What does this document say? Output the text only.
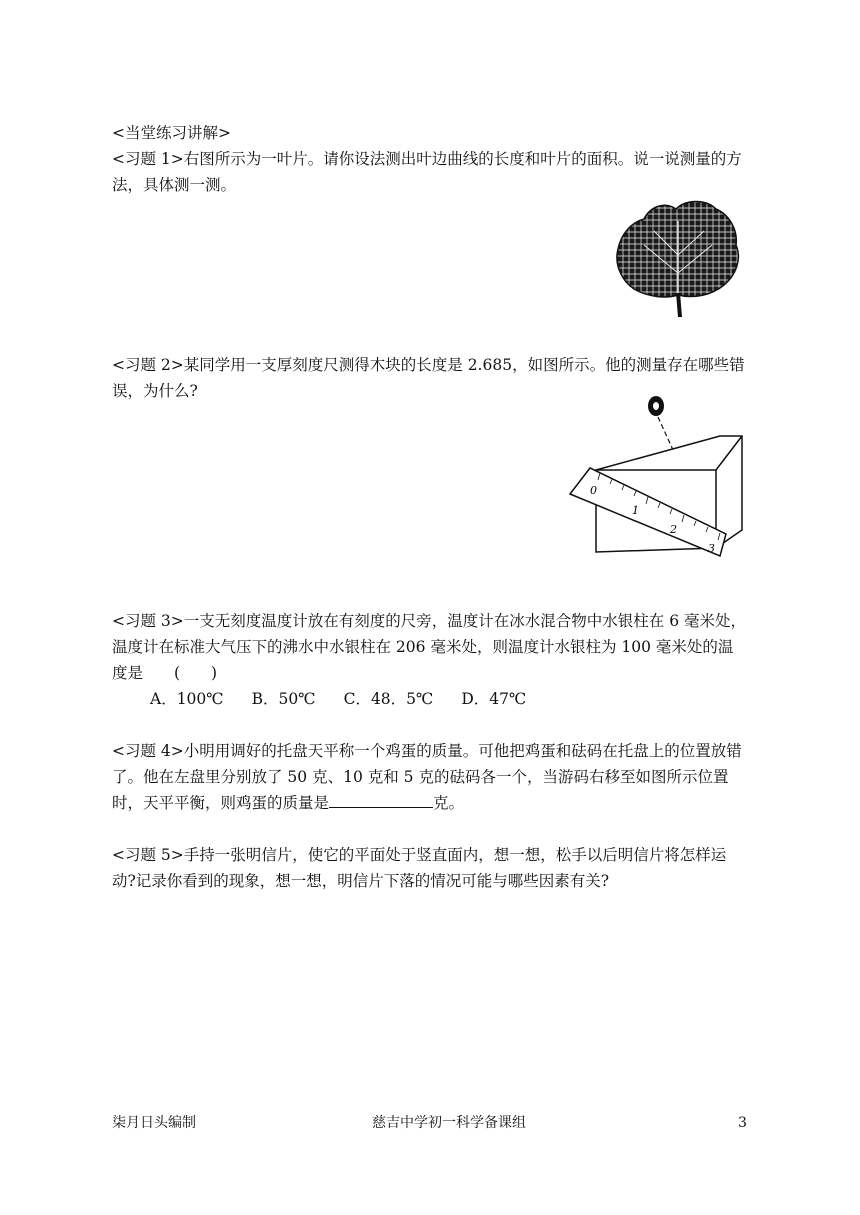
<当堂练习讲解>

<习题 1>右图所示为一叶片。请你设法测出叶边曲线的长度和叶片的面积。说一说测量的方法，具体测一测。

<习题 2>某同学用一支厚刻度尺测得木块的长度是 2.685，如图所示。他的测量存在哪些错误，为什么?

0
1
2
3

<习题 3>一支无刻度温度计放在有刻度的尺旁，温度计在冰水混合物中水银柱在 6 毫米处，温度计在标准大气压下的沸水中水银柱在 206 毫米处，则温度计水银柱为 100 毫米处的温度是　　(　　)

A．100℃ B．50℃ C．48．5℃ D．47℃

<习题 4>小明用调好的托盘天平称一个鸡蛋的质量。可他把鸡蛋和砝码在托盘上的位置放错了。他在左盘里分别放了 50 克、10 克和 5 克的砝码各一个，当游码右移至如图所示位置时，天平平衡，则鸡蛋的质量是	克。

<习题 5>手持一张明信片，使它的平面处于竖直面内，想一想，松手以后明信片将怎样运动?记录你看到的现象，想一想，明信片下落的情况可能与哪些因素有关?

柒月日头编制	慈吉中学初一科学备课组	3
